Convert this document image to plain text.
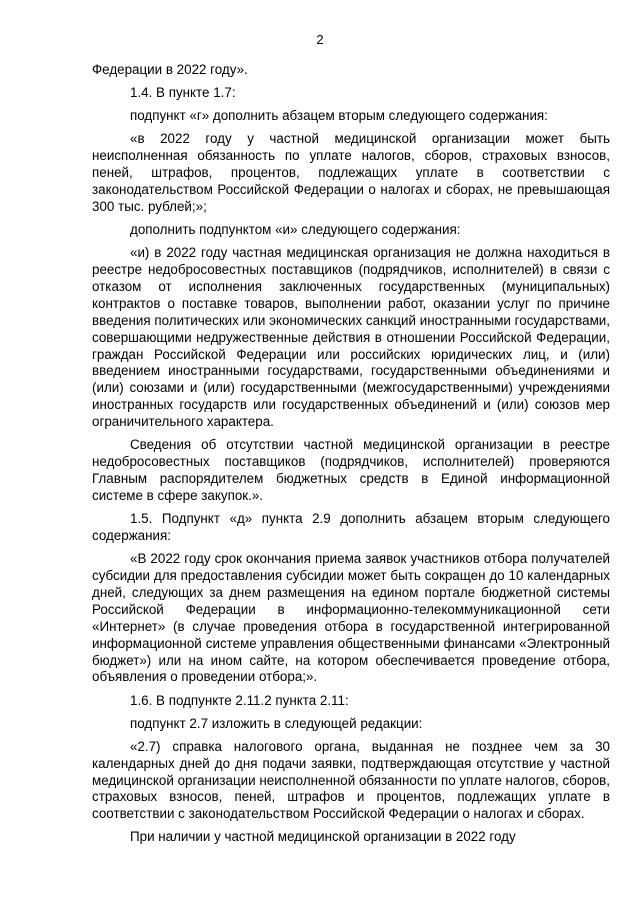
2

Федерации в 2022 году».

1.4. В пункте 1.7:

подпункт «г» дополнить абзацем вторым следующего содержания:

«в 2022 году у частной медицинской организации может быть неисполненная обязанность по уплате налогов, сборов, страховых взносов, пеней, штрафов, процентов, подлежащих уплате в соответствии с законодательством Российской Федерации о налогах и сборах, не превышающая 300 тыс. рублей;»;

дополнить подпунктом «и» следующего содержания:

«и) в 2022 году частная медицинская организация не должна находиться в реестре недобросовестных поставщиков (подрядчиков, исполнителей) в связи с отказом от исполнения заключенных государственных (муниципальных) контрактов о поставке товаров, выполнении работ, оказании услуг по причине введения политических или экономических санкций иностранными государствами, совершающими недружественные действия в отношении Российской Федерации, граждан Российской Федерации или российских юридических лиц, и (или) введением иностранными государствами, государственными объединениями и (или) союзами и (или) государственными (межгосударственными) учреждениями иностранных государств или государственных объединений и (или) союзов мер ограничительного характера.

Сведения об отсутствии частной медицинской организации в реестре недобросовестных поставщиков (подрядчиков, исполнителей) проверяются Главным распорядителем бюджетных средств в Единой информационной системе в сфере закупок.».

1.5. Подпункт «д» пункта 2.9 дополнить абзацем вторым следующего содержания:

«В 2022 году срок окончания приема заявок участников отбора получателей субсидии для предоставления субсидии может быть сокращен до 10 календарных дней, следующих за днем размещения на едином портале бюджетной системы Российской Федерации в информационно-телекоммуникационной сети «Интернет» (в случае проведения отбора в государственной интегрированной информационной системе управления общественными финансами «Электронный бюджет») или на ином сайте, на котором обеспечивается проведение отбора, объявления о проведении отбора;».

1.6. В подпункте 2.11.2 пункта 2.11:

подпункт 2.7 изложить в следующей редакции:

«2.7) справка налогового органа, выданная не позднее чем за 30 календарных дней до дня подачи заявки, подтверждающая отсутствие у частной медицинской организации неисполненной обязанности по уплате налогов, сборов, страховых взносов, пеней, штрафов и процентов, подлежащих уплате в соответствии с законодательством Российской Федерации о налогах и сборах.

При наличии у частной медицинской организации в 2022 году
